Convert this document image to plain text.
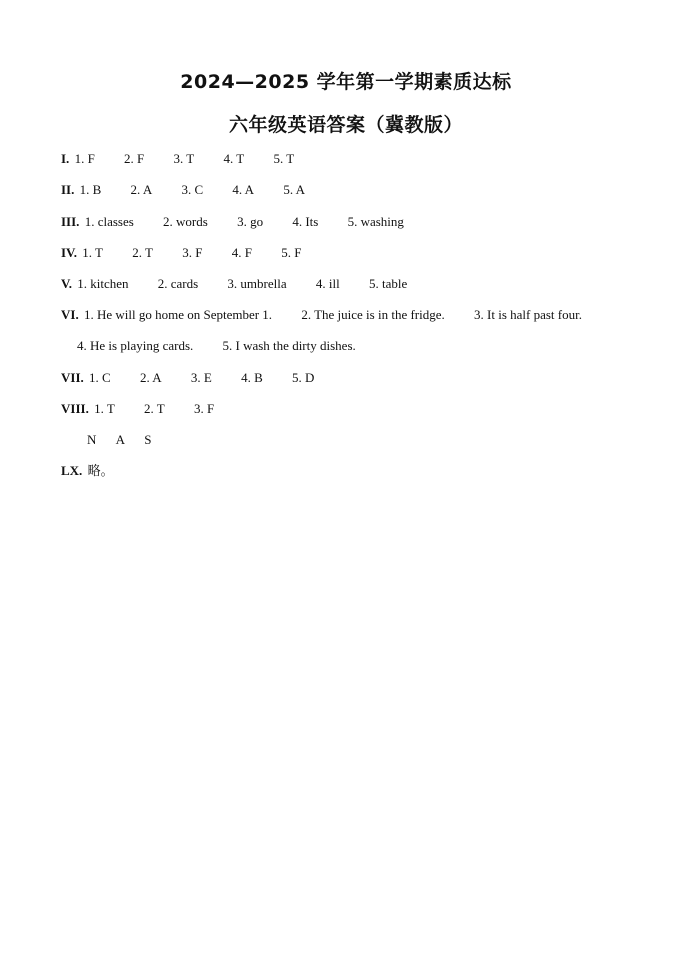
2024—2025 学年第一学期素质达标
六年级英语答案（冀教版）
I. 1. F 2. F 3. T 4. T 5. T
II. 1. B 2. A 3. C 4. A 5. A
III. 1. classes 2. words 3. go 4. Its 5. washing
IV. 1. T 2. T 3. F 4. F 5. F
V. 1. kitchen 2. cards 3. umbrella 4. ill 5. table
VI. 1. He will go home on September 1. 2. The juice is in the fridge. 3. It is half past four.
4. He is playing cards. 5. I wash the dirty dishes.
VII. 1. C 2. A 3. E 4. B 5. D
VIII. 1. T 2. T 3. F
N A S
LX. 略。
